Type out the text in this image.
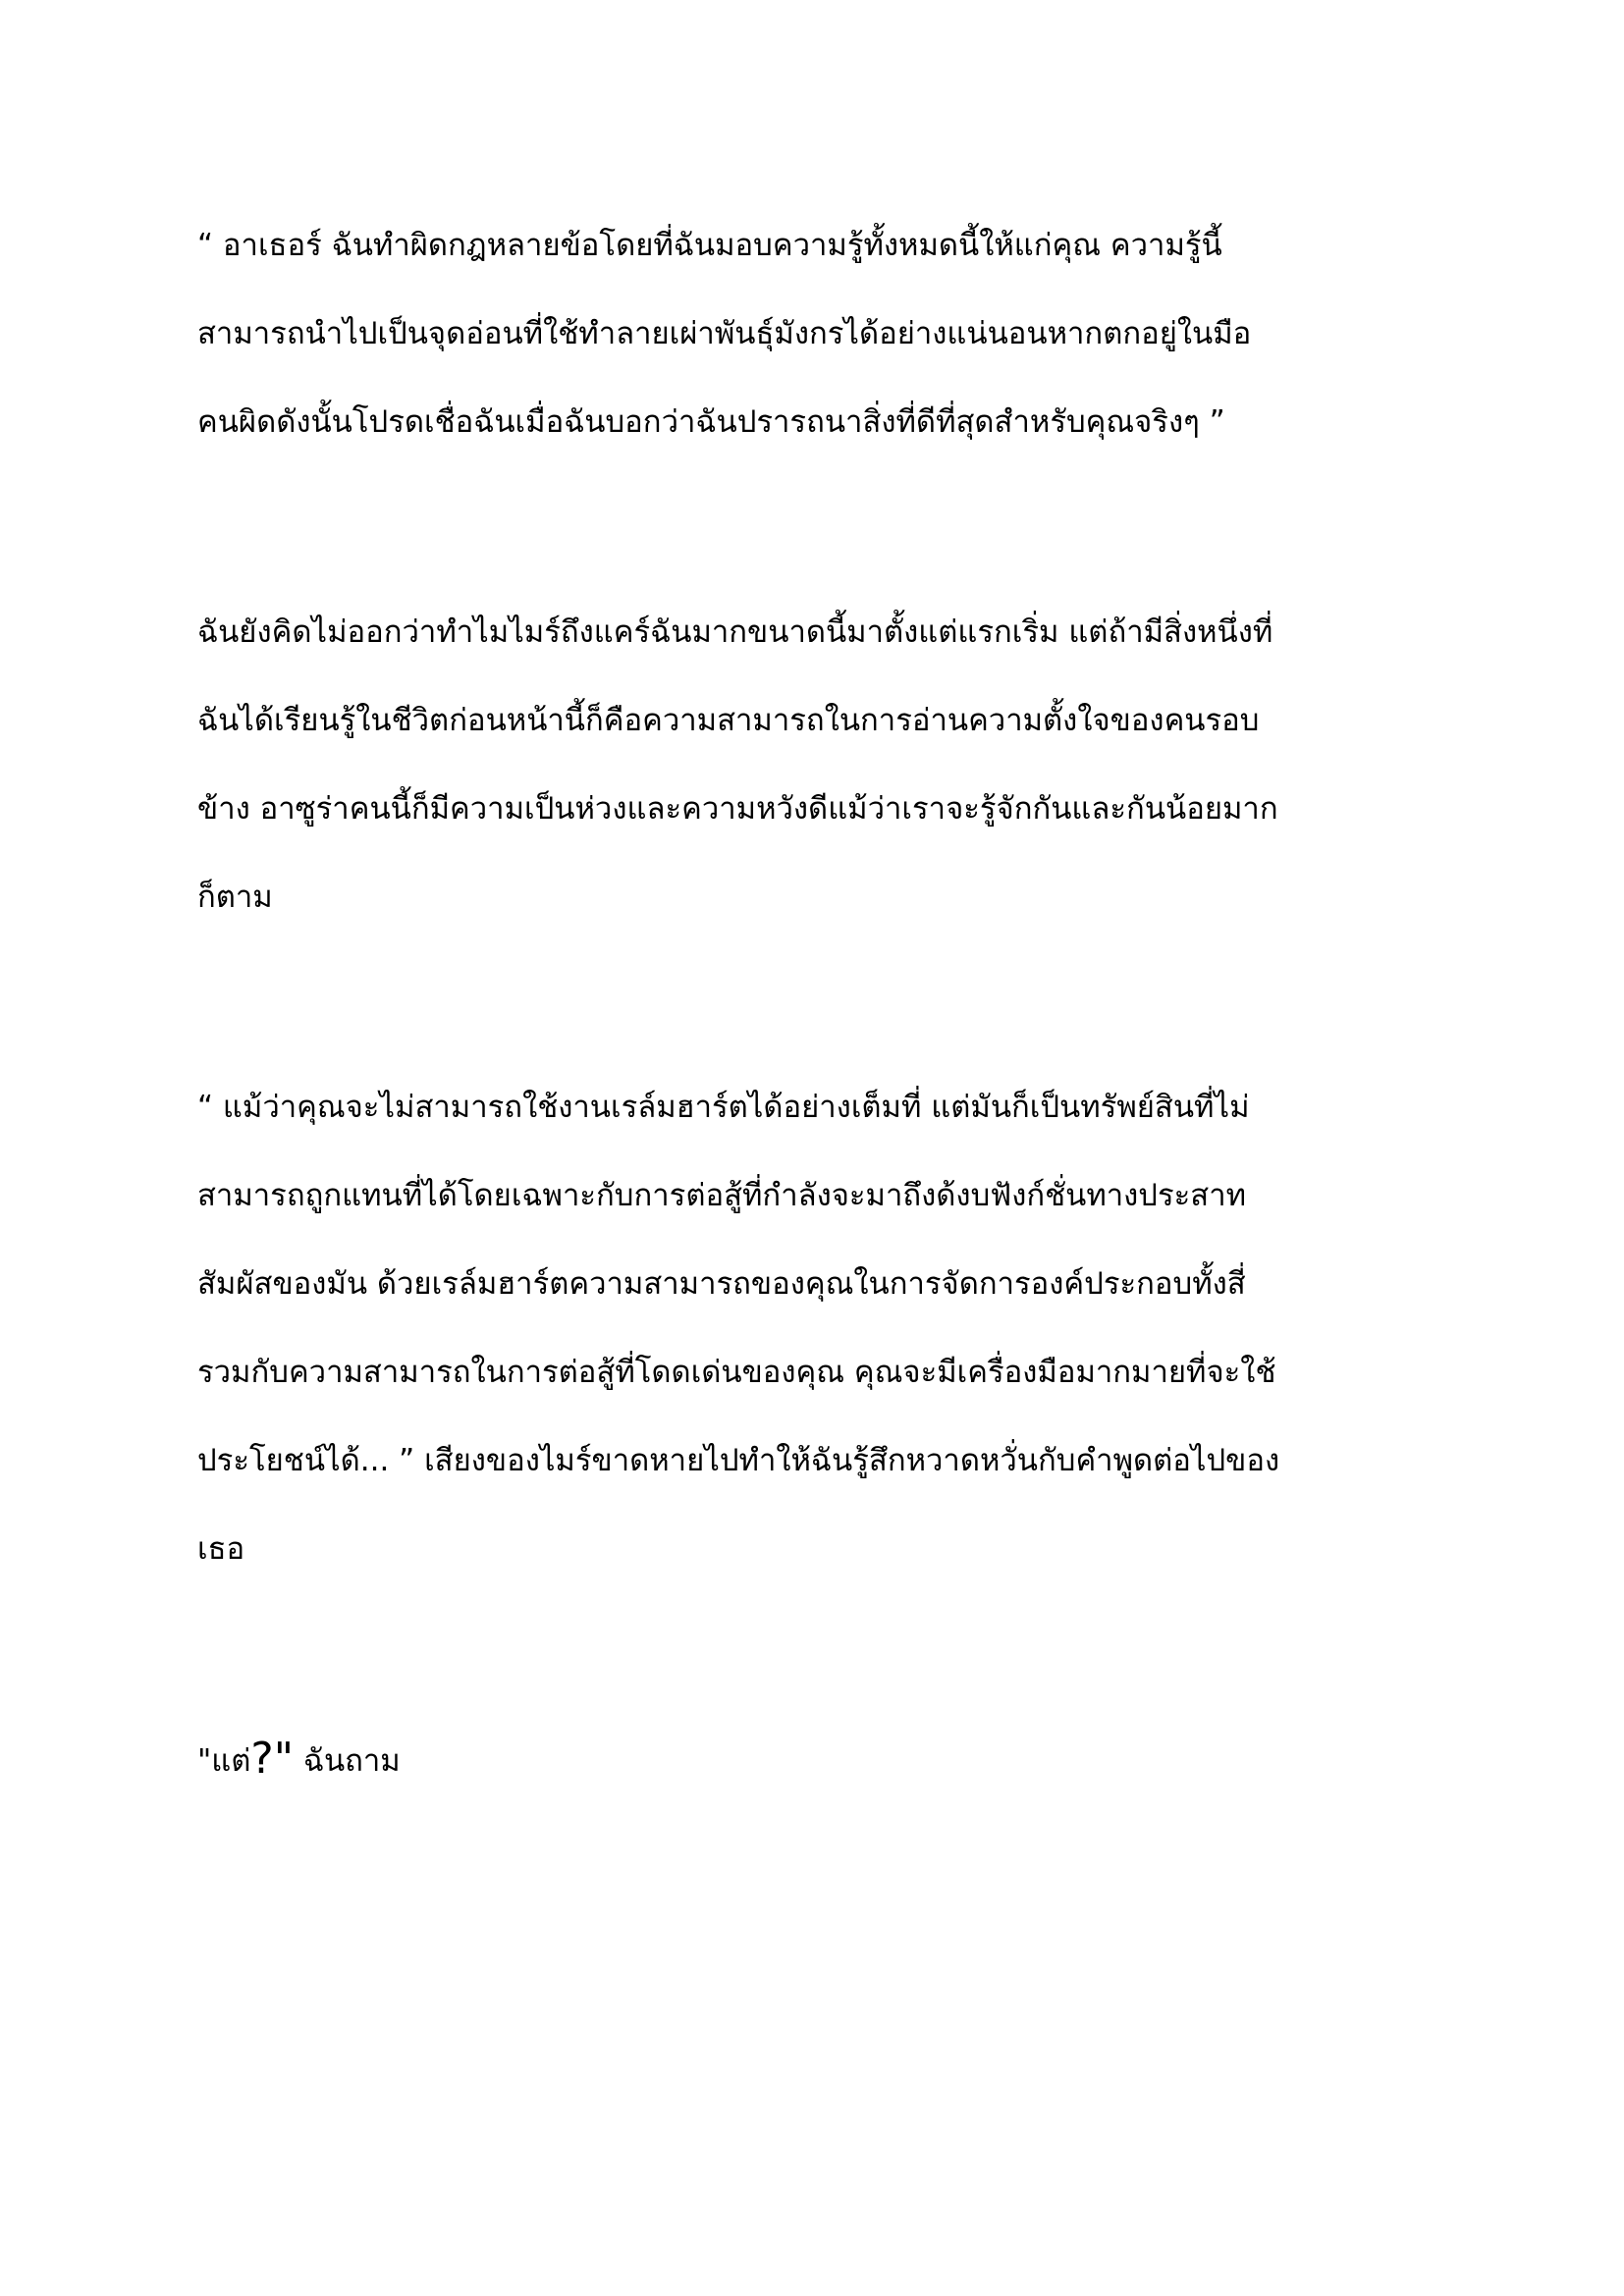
“ อาเธอร์ ฉันทำผิดกฎหลายข้อโดยที่ฉันมอบความรู้ทั้งหมดนี้ให้แก่คุณ ความรู้นี้
สามารถนำไปเป็นจุดอ่อนที่ใช้ทำลายเผ่าพันธุ์มังกรได้อย่างแน่นอนหากตกอยู่ในมือ
คนผิดดังนั้นโปรดเชื่อฉันเมื่อฉันบอกว่าฉันปรารถนาสิ่งที่ดีที่สุดสำหรับคุณจริงๆ ”
ฉันยังคิดไม่ออกว่าทำไมไมร์ถึงแคร์ฉันมากขนาดนี้มาตั้งแต่แรกเริ่ม แต่ถ้ามีสิ่งหนึ่งที่
ฉันได้เรียนรู้ในชีวิตก่อนหน้านี้ก็คือความสามารถในการอ่านความตั้งใจของคนรอบ
ข้าง อาซูร่าคนนี้ก็มีความเป็นห่วงและความหวังดีแม้ว่าเราจะรู้จักกันและกันน้อยมาก
ก็ตาม
“ แม้ว่าคุณจะไม่สามารถใช้งานเรล์มฮาร์ตได้อย่างเต็มที่ แต่มันก็เป็นทรัพย์สินที่ไม่
สามารถถูกแทนที่ได้โดยเฉพาะกับการต่อสู้ที่กำลังจะมาถึงด้งบฟังก์ชั่นทางประสาท
สัมผัสของมัน ด้วยเรล์มฮาร์ตความสามารถของคุณในการจัดการองค์ประกอบทั้งสี่
รวมกับความสามารถในการต่อสู้ที่โดดเด่นของคุณ คุณจะมีเครื่องมือมากมายที่จะใช้
ประโยชน์ได้... ” เสียงของไมร์ขาดหายไปทำให้ฉันรู้สึกหวาดหวั่นกับคำพูดต่อไปของ
เธอ
"แต่?" ฉันถาม
